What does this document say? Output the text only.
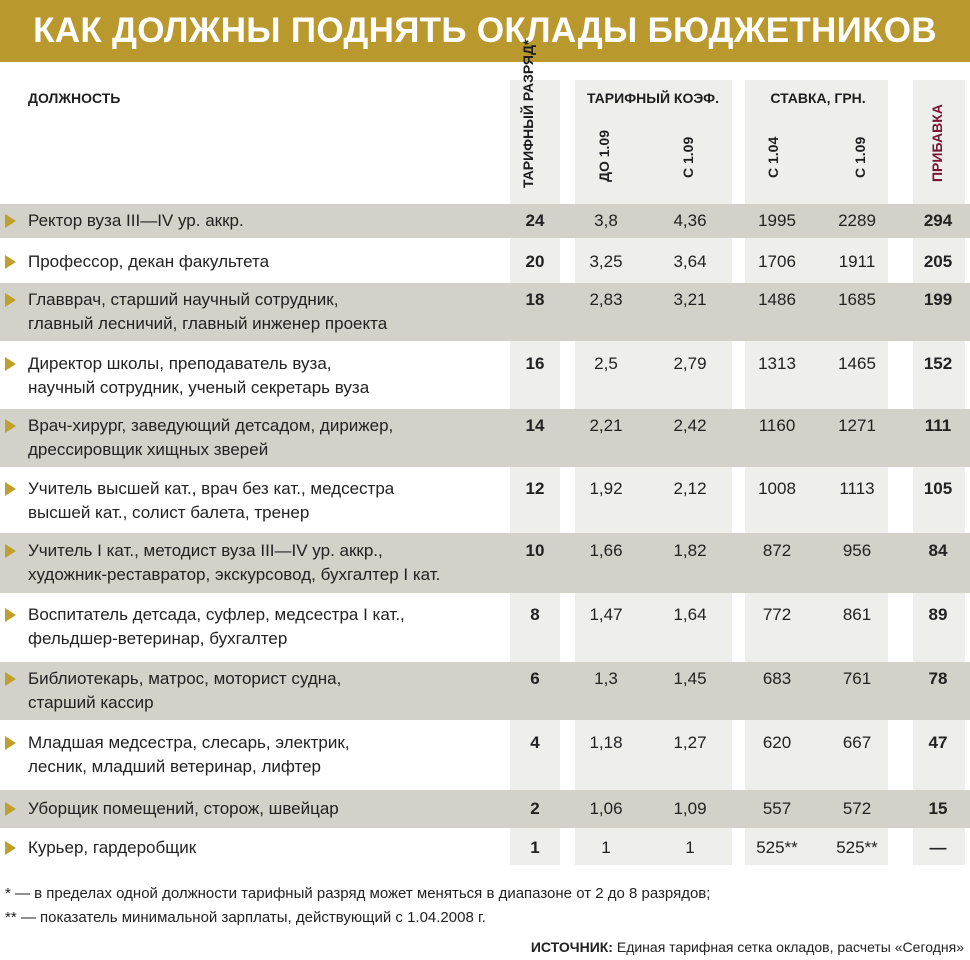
КАК ДОЛЖНЫ ПОДНЯТЬ ОКЛАДЫ БЮДЖЕТНИКОВ
ДОЛЖНОСТЬ	ТАРИФНЫЙ РАЗРЯД*	ТАРИФНЫЙ КОЭФ.
ДО 1.09	С 1.09
СТАВКА, ГРН.
С 1.04	С 1.09	ПРИБАВКА
Ректор вуза III—IV ур. аккр.	24	3,8	4,36	1995	2289	294
Профессор, декан факультета	20	3,25	3,64	1706	1911	205
Главврач, старший научный сотрудник,
главный лесничий, главный инженер проекта
18	2,83	3,21	1486	1685	199
Директор школы, преподаватель вуза,
научный сотрудник, ученый секретарь вуза
16	2,5	2,79	1313	1465	152
Врач-хирург, заведующий детсадом, дирижер,
дрессировщик хищных зверей
14	2,21	2,42	1160	1271	111
Учитель высшей кат., врач без кат., медсестра
высшей кат., солист балета, тренер
12	1,92	2,12	1008	1113	105
Учитель I кат., методист вуза III—IV ур. аккр.,
художник-реставратор, экскурсовод, бухгалтер I кат.
10	1,66	1,82	872	956	84
Воспитатель детсада, суфлер, медсестра I кат.,
фельдшер-ветеринар, бухгалтер
8	1,47	1,64	772	861	89
Библиотекарь, матрос, моторист судна,
старший кассир
6	1,3	1,45	683	761	78
Младшая медсестра, слесарь, электрик,
лесник, младший ветеринар, лифтер
4	1,18	1,27	620	667	47
Уборщик помещений, сторож, швейцар	2	1,06	1,09	557	572	15
Курьер, гардеробщик	1	1	1	525**	525**	—
* — в пределах одной должности тарифный разряд может меняться в диапазоне от 2 до 8 разрядов;
** — показатель минимальной зарплаты, действующий с 1.04.2008 г.
ИСТОЧНИК: Единая тарифная сетка окладов, расчеты «Сегодня»
